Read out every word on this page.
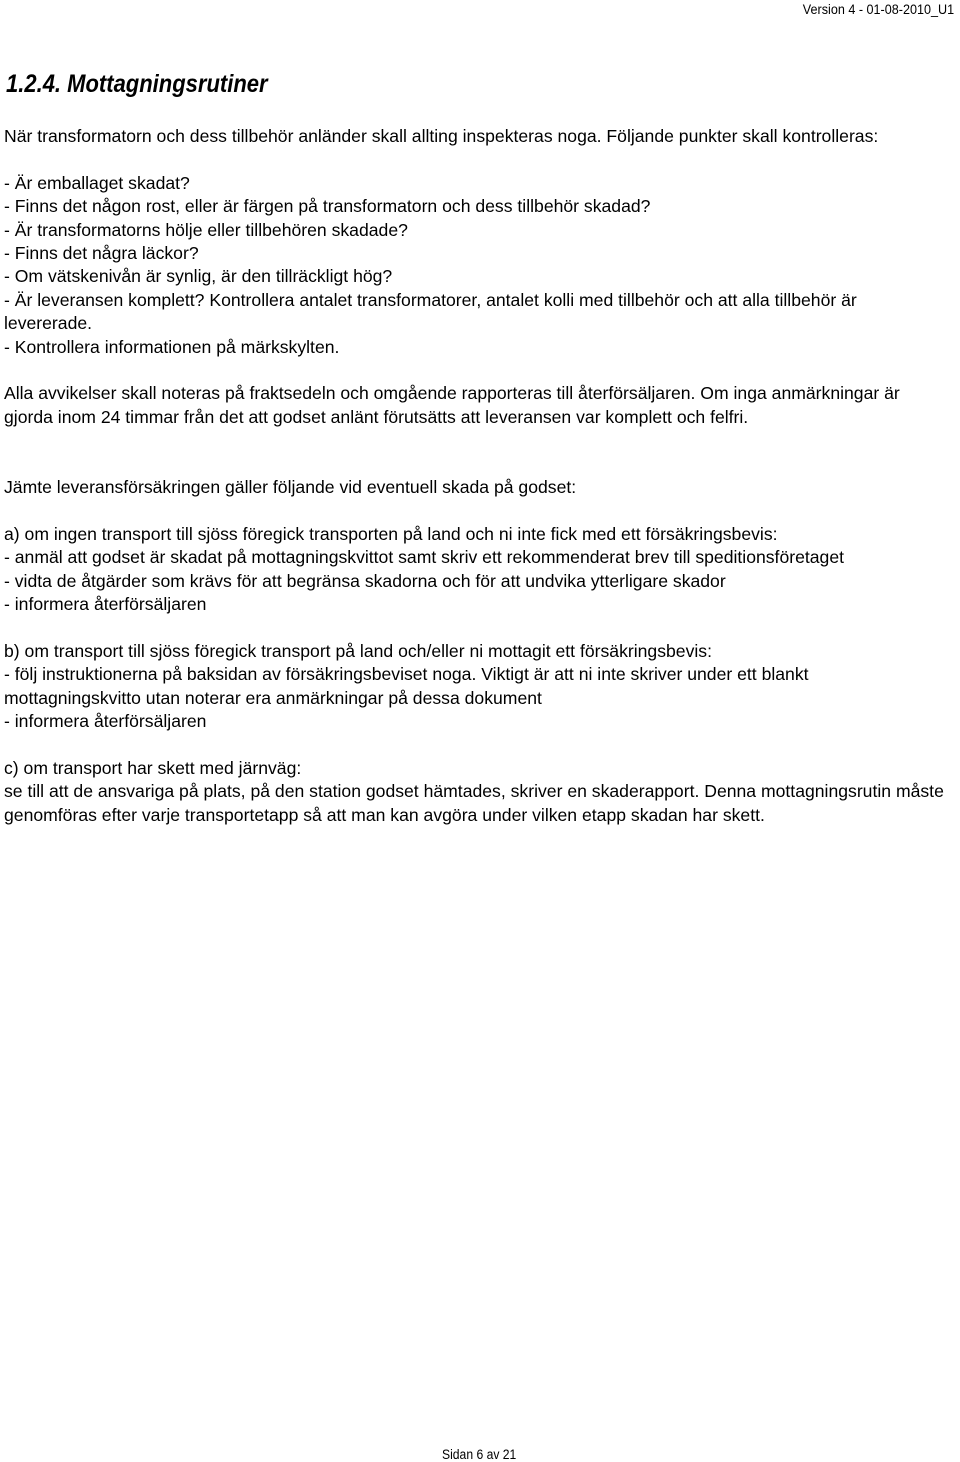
Version 4 - 01-08-2010_U1
1.2.4. Mottagningsrutiner

När transformatorn och dess tillbehör anländer skall allting inspekteras noga. Följande punkter skall kontrolleras:

- Är emballaget skadat?

- Finns det någon rost, eller är färgen på transformatorn och dess tillbehör skadad?

- Är transformatorns hölje eller tillbehören skadade?

- Finns det några läckor?

- Om vätskenivån är synlig, är den tillräckligt hög?

- Är leveransen komplett? Kontrollera antalet transformatorer, antalet kolli med tillbehör och att alla tillbehör är levererade.

- Kontrollera informationen på märkskylten.

Alla avvikelser skall noteras på fraktsedeln och omgående rapporteras till återförsäljaren. Om inga anmärkningar är gjorda inom 24 timmar från det att godset anlänt förutsätts att leveransen var komplett och felfri.

Jämte leveransförsäkringen gäller följande vid eventuell skada på godset:

a) om ingen transport till sjöss föregick transporten på land och ni inte fick med ett försäkringsbevis:

- anmäl att godset är skadat på mottagningskvittot samt skriv ett rekommenderat brev till speditionsföretaget

- vidta de åtgärder som krävs för att begränsa skadorna och för att undvika ytterligare skador

- informera återförsäljaren

b) om transport till sjöss föregick transport på land och/eller ni mottagit ett försäkringsbevis:

- följ instruktionerna på baksidan av försäkringsbeviset noga. Viktigt är att ni inte skriver under ett blankt mottagningskvitto utan noterar era anmärkningar på dessa dokument

- informera återförsäljaren

c) om transport har skett med järnväg:

se till att de ansvariga på plats, på den station godset hämtades, skriver en skaderapport. Denna mottagningsrutin måste genomföras efter varje transportetapp så att man kan avgöra under vilken etapp skadan har skett.

Sidan 6 av 21
